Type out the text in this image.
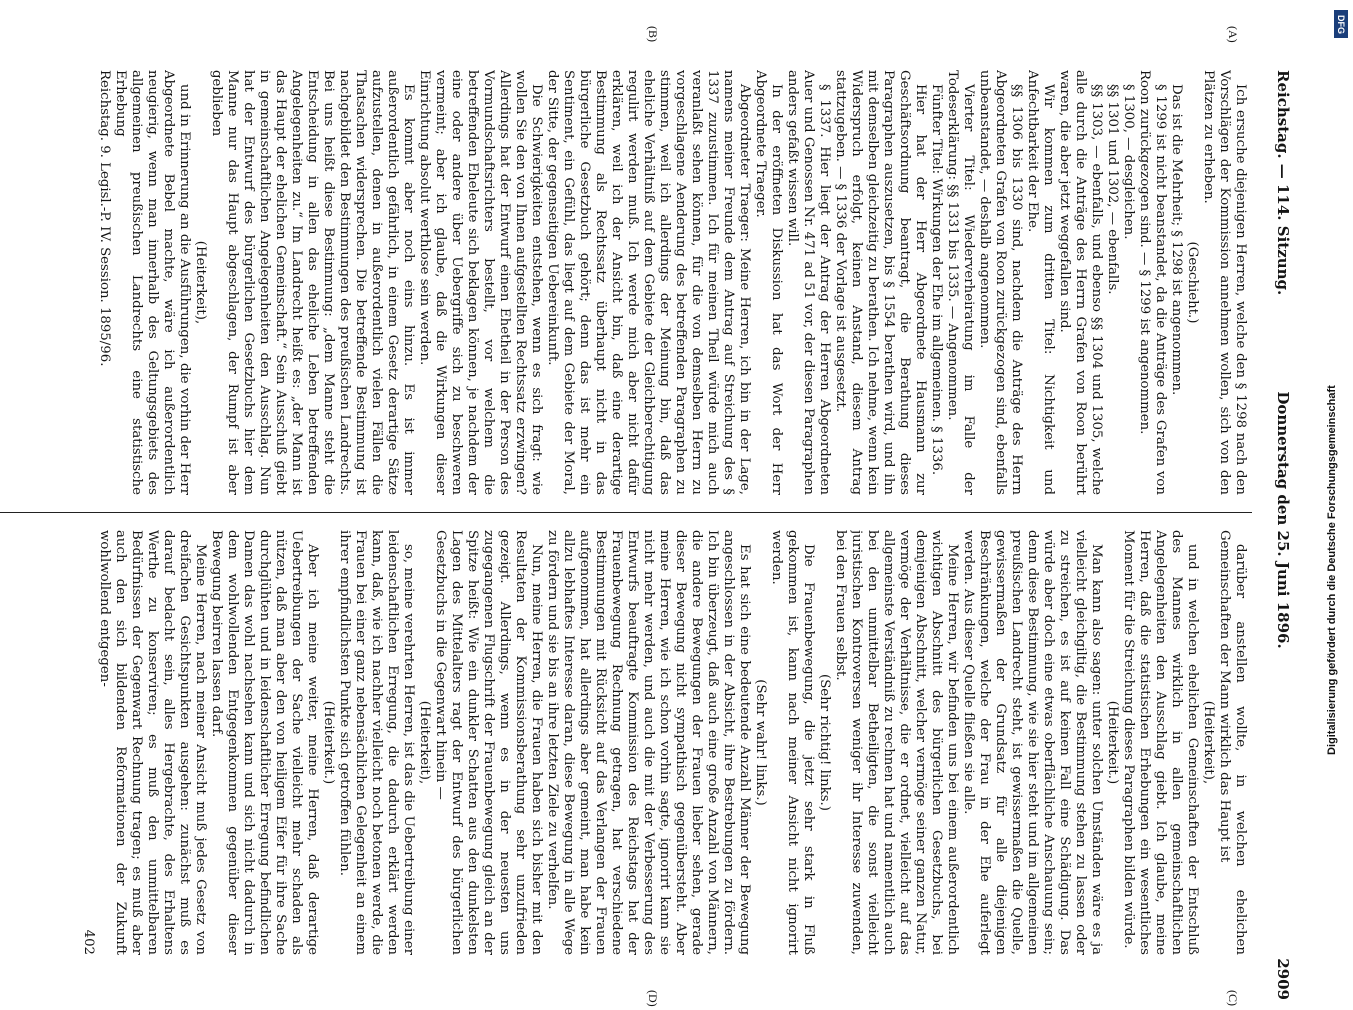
Reichstag. — 114. Sitzung.
Donnerstag den 25. Juni 1896.
2909
(A)
(B)
(C)
(D)

Ich ersuche diejenigen Herren, welche den § 1298 nach den Vorschlägen der Kommission annehmen wollen, sich von den Plätzen zu erheben.

(Geschieht.)

Das ist die Mehrheit; § 1298 ist angenommen.

§ 1299 ist nicht beanstandet, da die Anträge des Grafen von Roon zurückgezogen sind. — § 1299 ist angenommen.

§ 1300, — desgleichen.

§§ 1301 und 1302, — ebenfalls.

§§ 1303, — ebenfalls, und ebenso §§ 1304 und 1305, welche alle durch die Anträge des Herrn Grafen von Roon berührt waren, die aber jetzt weggefallen sind.

Wir kommen zum dritten Titel: Nichtigkeit und Anfechtbarkeit der Ehe.

§§ 1306 bis 1330 sind, nachdem die Anträge des Herrn Abgeordneten Grafen von Roon zurückgezogen sind, ebenfalls unbeanstandet, — deshalb angenommen.

Vierter Titel: Wiederverheiratung im Falle der Todeserklärung: §§ 1331 bis 1335. — Angenommen.

Fünfter Titel: Wirkungen der Ehe im allgemeinen. § 1336.

Hier hat der Herr Abgeordnete Hausmann zur Geschäftsordnung beantragt, die Berathung dieses Paragraphen auszusetzen, bis § 1554 berathen wird, und ihn mit demselben gleichzeitig zu berathen. Ich nehme, wenn kein Widerspruch erfolgt, keinen Anstand, diesem Antrag stattzugeben. — § 1336 der Vorlage ist ausgesetzt.

§ 1337. Hier liegt der Antrag der Herren Abgeordneten Auer und Genossen Nr. 471 ad 51 vor, der diesen Paragraphen anders gefaßt wissen will.

In der eröffneten Diskussion hat das Wort der Herr Abgeordnete Traeger.

Abgeordneter Traeger: Meine Herren, ich bin in der Lage, namens meiner Freunde dem Antrag auf Streichung des § 1337 zuzustimmen. Ich für meinen Theil würde mich auch veranlaßt sehen können, für die von demselben Herrn zu vorgeschlagene Aenderung des betreffenden Paragraphen zu stimmen, weil ich allerdings der Meinung bin, daß das eheliche Verhältniß auf dem Gebiete der Gleichberechtigung regulirt werden muß. Ich werde mich aber nicht dafür erklären, weil ich der Ansicht bin, daß eine derartige Bestimmung als Rechtssatz überhaupt nicht in das bürgerliche Gesetzbuch gehört; denn das ist mehr ein Sentiment, ein Gefühl, das liegt auf dem Gebiete der Moral, der Sitte, der gegenseitigen Uebereinkunft.

Die Schwierigkeiten entstehen, wenn es sich fragt: wie wollen Sie den von Ihnen aufgestellten Rechtssatz erzwingen? Allerdings hat der Entwurf einen Ehetheil in der Person des Vormundschaftsrichters bestellt, vor welchem die betreffenden Eheleute sich beklagen können, je nachdem der eine oder andere über Uebergriffe sich zu beschweren vermeint; aber ich glaube, daß die Wirkungen dieser Einrichtung absolut werthlose sein werden.

Es kommt aber noch eins hinzu. Es ist immer außerordentlich gefährlich, in einem Gesetz derartige Sätze aufzustellen, denen in außerordentlich vielen Fällen die Thatsachen widersprechen. Die betreffende Bestimmung ist nachgebildet den Bestimmungen des preußischen Landrechts. Bei uns heißt diese Bestimmung: „dem Manne steht die Entscheidung in allen das eheliche Leben betreffenden Angelegenheiten zu.“ Im Landrecht heißt es: „der Mann ist das Haupt der ehelichen Gemeinschaft.“ Sein Ausschuß giebt in gemeinschaftlichen Angelegenheiten den Ausschlag. Nun hat der Entwurf des bürgerlichen Gesetzbuchs hier dem Manne nur das Haupt abgeschlagen, der Rumpf ist aber geblieben

(Heiterkeit),

und in Erinnerung an die Ausführungen, die vorhin der Herr Abgeordnete Bebel machte, wäre ich außerordentlich neugierig, wenn man innerhalb des Geltungsgebiets des allgemeinen preußischen Landrechts eine statistische Erhebung

Reichstag. 9. Legisl.-P. IV. Session. 1895/96.

darüber anstellen wollte, in welchen ehelichen Gemeinschaften der Mann wirklich das Haupt ist

(Heiterkeit),

und in welchen ehelichen Gemeinschaften der Entschluß des Mannes wirklich in allen gemeinschaftlichen Angelegenheiten den Ausschlag giebt. Ich glaube, meine Herren, daß die statistischen Erhebungen ein wesentliches Moment für die Streichung dieses Paragraphen bilden würde.

(Heiterkeit.)

Man kann also sagen: unter solchen Umständen wäre es ja vielleicht gleichgiltig, die Bestimmung stehen zu lassen oder zu streichen, es ist auf keinen Fall eine Schädigung. Das würde aber doch eine etwas oberflächliche Anschauung sein; denn diese Bestimmung, wie sie hier steht und im allgemeinen preußischen Landrecht steht, ist gewissermaßen die Quelle, gewissermaßen der Grundsatz für alle diejenigen Beschränkungen, welche der Frau in der Ehe auferlegt werden. Aus dieser Quelle fließen sie alle.

Meine Herren, wir befinden uns bei einem außerordentlich wichtigen Abschnitt des bürgerlichen Gesetzbuchs, bei demjenigen Abschnitt, welcher vermöge seiner ganzen Natur, vermöge der Verhältnisse, die er ordnet, vielleicht auf das allgemeinste Verständniß zu rechnen hat und namentlich auch bei den unmittelbar Betheiligten, die sonst vielleicht juristischen Kontroversen weniger ihr Interesse zuwenden, bei den Frauen selbst.

(Sehr richtig! links.)

Die Frauenbewegung, die jetzt sehr stark in Fluß gekommen ist, kann nach meiner Ansicht nicht ignorirt werden.

(Sehr wahr! links.)

Es hat sich eine bedeutende Anzahl Männer der Bewegung angeschlossen in der Absicht, ihre Bestrebungen zu fördern. Ich bin überzeugt, daß auch eine große Anzahl von Männern, die andere Bewegungen der Frauen lieber sehen, gerade dieser Bewegung nicht sympathisch gegenübersteht. Aber meine Herren, wie ich schon vorhin sagte, ignorirt kann sie nicht mehr werden, und auch die mit der Verbesserung des Entwurfs beauftragte Kommission des Reichstags hat der Frauenbewegung Rechnung getragen, hat verschiedene Bestimmungen mit Rücksicht auf das Verlangen der Frauen aufgenommen, hat allerdings aber gemeint, man habe kein allzu lebhaftes Interesse daran, diese Bewegung in alle Wege zu fördern und sie bis an ihre letzten Ziele zu verhelfen.

Nun, meine Herren, die Frauen haben sich bisher mit den Resultaten der Kommissionsberathung sehr unzufrieden gezeigt. Allerdings, wenn es in der neuesten uns zugegangenen Flugschrift der Frauenbewegung gleich an der Spitze heißt: Wie ein dunkler Schatten aus den dunkelsten Lagen des Mittelalters ragt der Entwurf des bürgerlichen Gesetzbuchs in die Gegenwart hinein —

(Heiterkeit),

so, meine verehrten Herren, ist das die Uebertreibung einer leidenschaftlichen Erregung, die dadurch erklärt werden kann, daß, wie ich nachher vielleicht noch betonen werde, die Frauen bei einer ganz nebensächlichen Gelegenheit an einem ihrer empfindlichsten Punkte sich getroffen fühlen.

(Heiterkeit.)

Aber ich meine weiter, meine Herren, daß derartige Uebertreibungen der Sache vielleicht mehr schaden als nützen, daß man aber den von heiligem Eifer für ihre Sache durchglühten und in leidenschaftlicher Erregung befindlichen Damen das wohl nachsehen kann und sich nicht dadurch in dem wohlwollenden Entgegenkommen gegenüber dieser Bewegung beirren lassen darf.

Meine Herren, nach meiner Ansicht muß jedes Gesetz von dreifachen Gesichtspunkten ausgehen: zunächst muß es darauf bedacht sein, alles Hergebrachte, des Erhaltens Werthe zu konserviren; es muß den unmittelbaren Bedürfnissen der Gegenwart Rechnung tragen; es muß aber auch den sich bildenden Reformationen der Zukunft wohlwollend entgegen-

402

DFG
Digitalisierung gefördert durch die Deutsche Forschungsgemeinschaft
